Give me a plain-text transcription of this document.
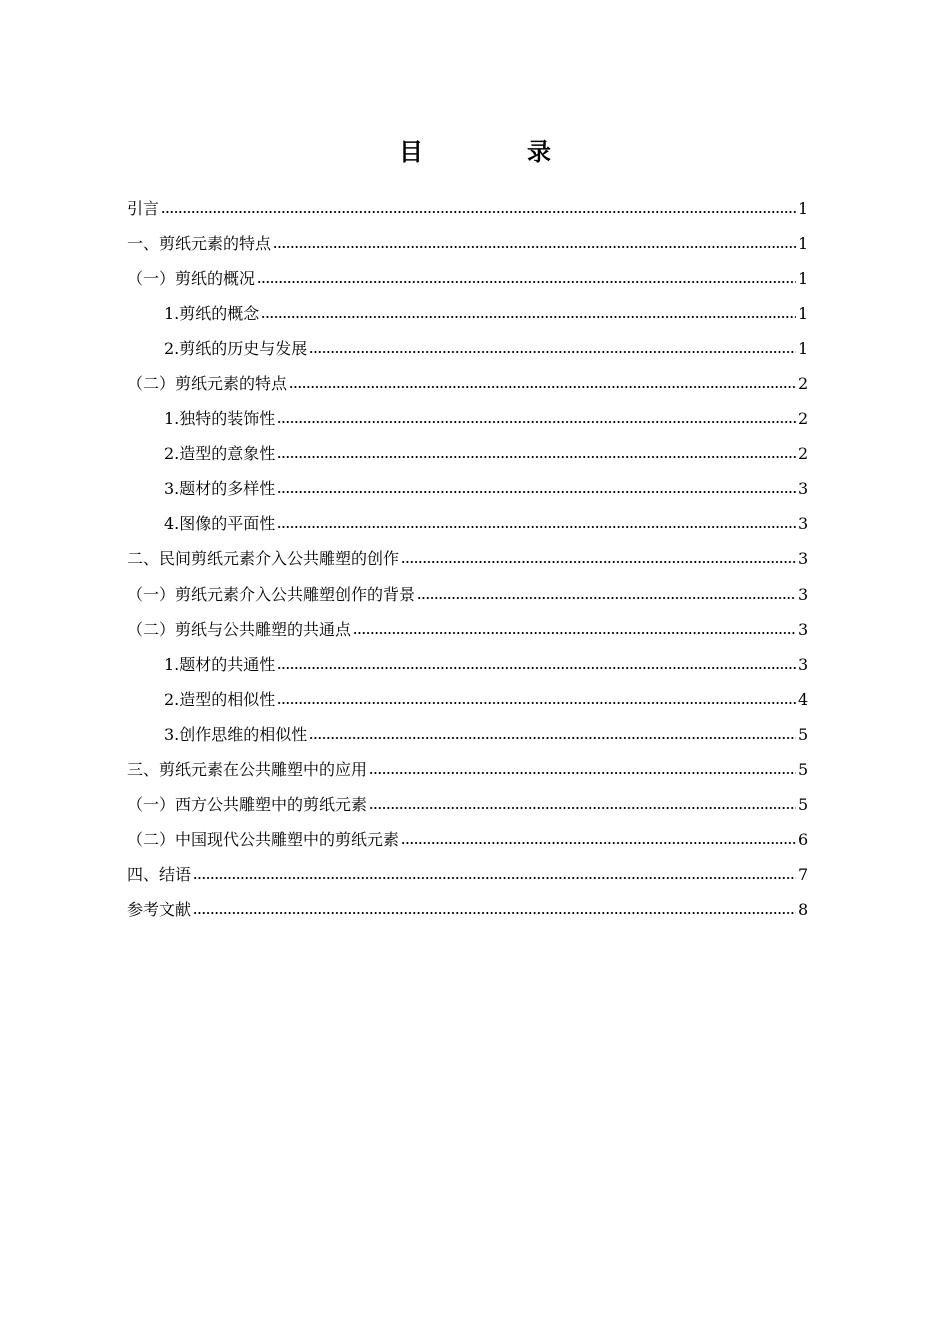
目　录
引言	1
一、剪纸元素的特点	1
（一）剪纸的概况	1
1.剪纸的概念	1
2.剪纸的历史与发展	1
（二）剪纸元素的特点	2
1.独特的装饰性	2
2.造型的意象性	2
3.题材的多样性	3
4.图像的平面性	3
二、民间剪纸元素介入公共雕塑的创作	3
（一）剪纸元素介入公共雕塑创作的背景	3
（二）剪纸与公共雕塑的共通点	3
1.题材的共通性	3
2.造型的相似性	4
3.创作思维的相似性	5
三、剪纸元素在公共雕塑中的应用	5
（一）西方公共雕塑中的剪纸元素	5
（二）中国现代公共雕塑中的剪纸元素	6
四、结语	7
参考文献	8
